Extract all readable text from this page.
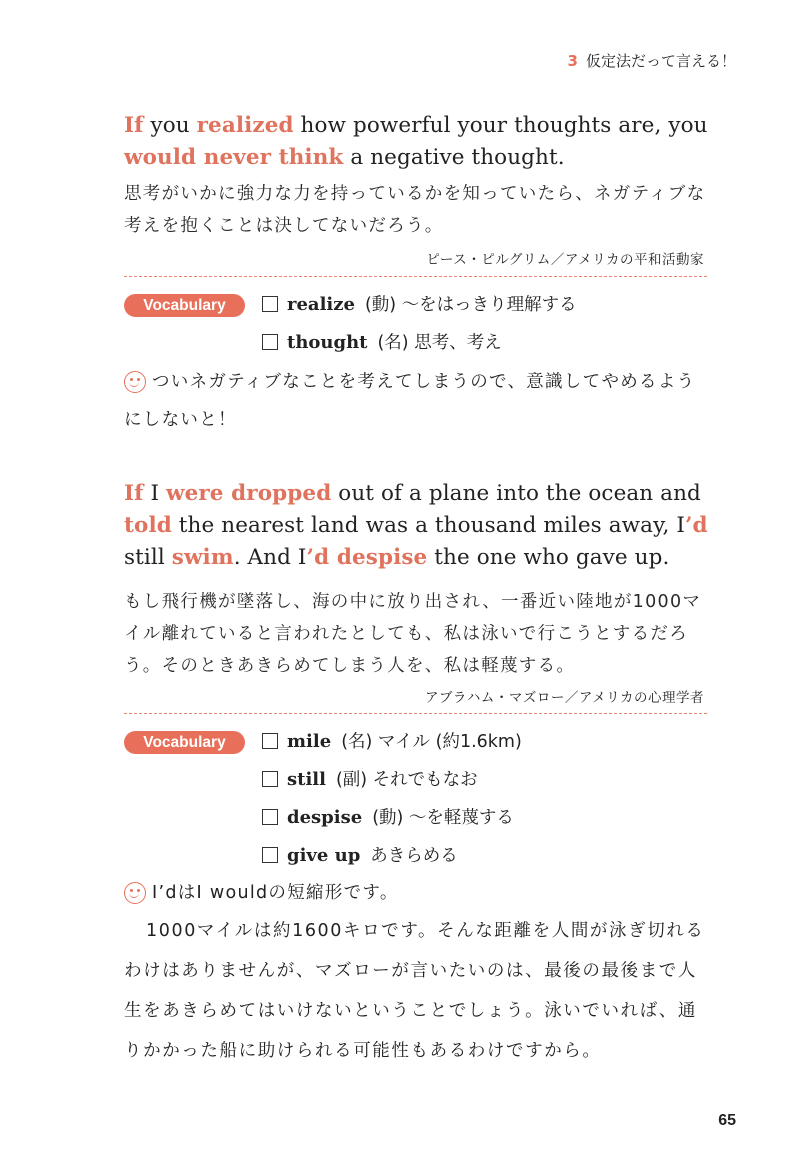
3 仮定法だって言える！
If you realized how powerful your thoughts are, you would never think a negative thought.
思考がいかに強力な力を持っているかを知っていたら、ネガティブな考えを抱くことは決してないだろう。
ピース・ピルグリム／アメリカの平和活動家
Vocabulary	realize (動) ～をはっきり理解する
thought (名) 思考、考え
ついネガティブなことを考えてしまうので、意識してやめるようにしないと！
If I were dropped out of a plane into the ocean and told the nearest land was a thousand miles away, I’d still swim. And I’d despise the one who gave up.
もし飛行機が墜落し、海の中に放り出され、一番近い陸地が1000マイル離れていると言われたとしても、私は泳いで行こうとするだろう。そのときあきらめてしまう人を、私は軽蔑する。
アブラハム・マズロー／アメリカの心理学者
Vocabulary	mile (名) マイル (約1.6km)
still (副) それでもなお
despise (動) ～を軽蔑する
give up あきらめる
I’dはI wouldの短縮形です。
1000マイルは約1600キロです。そんな距離を人間が泳ぎ切れるわけはありませんが、マズローが言いたいのは、最後の最後まで人生をあきらめてはいけないということでしょう。泳いでいれば、通りかかった船に助けられる可能性もあるわけですから。
65
